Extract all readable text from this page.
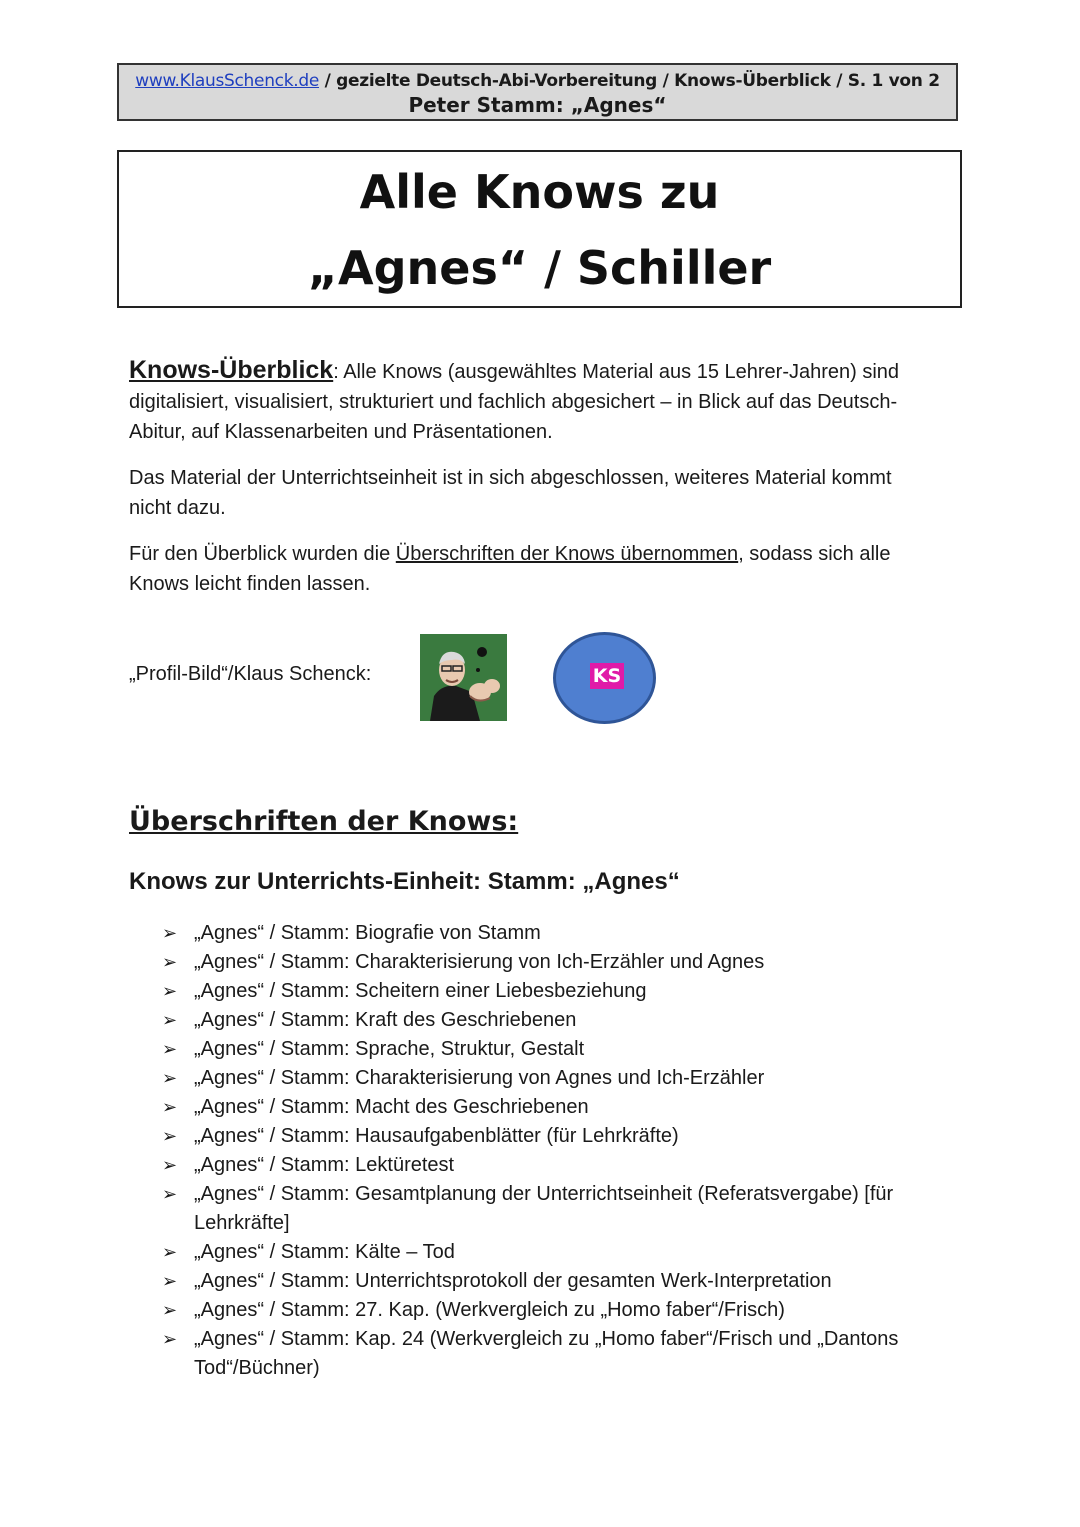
www.KlausSchenck.de / gezielte Deutsch-Abi-Vorbereitung / Knows-Überblick / S. 1 von 2
Peter Stamm: „Agnes“
Alle Knows zu
„Agnes“ / Schiller

Knows-Überblick: Alle Knows (ausgewähltes Material aus 15 Lehrer-Jahren) sind digitalisiert, visualisiert, strukturiert und fachlich abgesichert – in Blick auf das Deutsch-Abitur, auf Klassenarbeiten und Präsentationen.

Das Material der Unterrichtseinheit ist in sich abgeschlossen, weiteres Material kommt nicht dazu.

Für den Überblick wurden die Überschriften der Knows übernommen, sodass sich alle Knows leicht finden lassen.

„Profil-Bild“/Klaus Schenck:	KS
Überschriften der Knows:
Knows zur Unterrichts-Einheit: Stamm: „Agnes“
➢ „Agnes“ / Stamm: Biografie von Stamm
➢ „Agnes“ / Stamm: Charakterisierung von Ich-Erzähler und Agnes
➢ „Agnes“ / Stamm: Scheitern einer Liebesbeziehung
➢ „Agnes“ / Stamm: Kraft des Geschriebenen
➢ „Agnes“ / Stamm: Sprache, Struktur, Gestalt
➢ „Agnes“ / Stamm: Charakterisierung von Agnes und Ich-Erzähler
➢ „Agnes“ / Stamm: Macht des Geschriebenen
➢ „Agnes“ / Stamm: Hausaufgabenblätter (für Lehrkräfte)
➢ „Agnes“ / Stamm: Lektüretest
➢ „Agnes“ / Stamm: Gesamtplanung der Unterrichtseinheit (Referatsvergabe) [für Lehrkräfte]
➢ „Agnes“ / Stamm: Kälte – Tod
➢ „Agnes“ / Stamm: Unterrichtsprotokoll der gesamten Werk-Interpretation
➢ „Agnes“ / Stamm: 27. Kap. (Werkvergleich zu „Homo faber“/Frisch)
➢ „Agnes“ / Stamm: Kap. 24 (Werkvergleich zu „Homo faber“/Frisch und „Dantons Tod“/Büchner)
